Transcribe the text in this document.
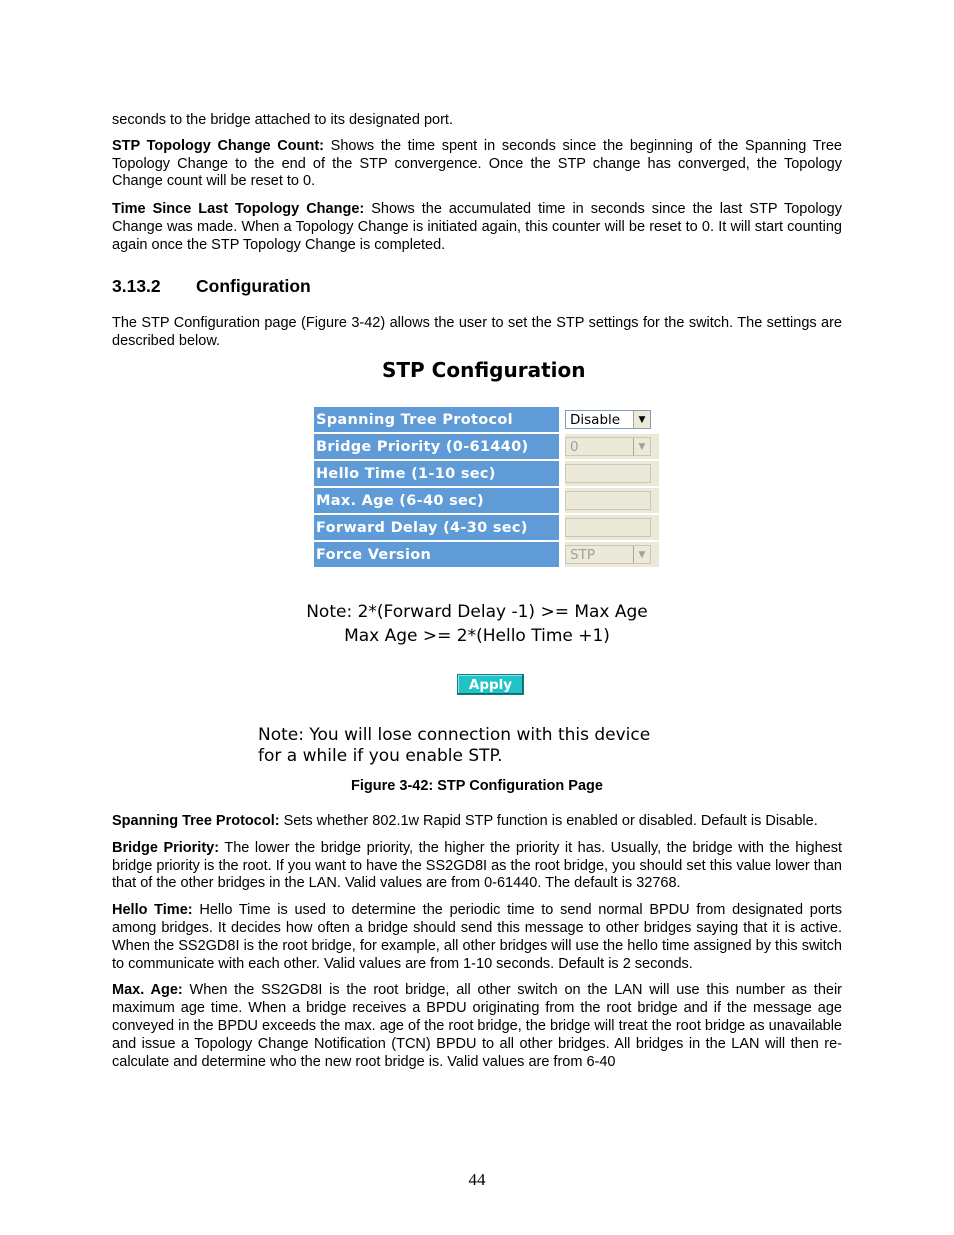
seconds to the bridge attached to its designated port.

STP Topology Change Count: Shows the time spent in seconds since the beginning of the Spanning Tree Topology Change to the end of the STP convergence. Once the STP change has converged, the Topology Change count will be reset to 0.

Time Since Last Topology Change: Shows the accumulated time in seconds since the last STP Topology Change was made. When a Topology Change is initiated again, this counter will be reset to 0. It will start counting again once the STP Topology Change is completed.

3.13.2 Configuration

The STP Configuration page (Figure 3-42) allows the user to set the STP settings for the switch. The settings are described below.

STP Configuration
Spanning Tree Protocol	Disable ▼

Bridge Priority (0-61440)	0 ▼

Hello Time (1-10 sec)	

Max. Age (6-40 sec)	

Forward Delay (4-30 sec)	

Force Version	STP ▼
Note: 2*(Forward Delay -1) >= Max Age
Max Age >= 2*(Hello Time +1)
Apply
Note: You will lose connection with this device
for a while if you enable STP.
Figure 3-42: STP Configuration Page

Spanning Tree Protocol: Sets whether 802.1w Rapid STP function is enabled or disabled. Default is Disable.

Bridge Priority: The lower the bridge priority, the higher the priority it has. Usually, the bridge with the highest bridge priority is the root. If you want to have the SS2GD8I as the root bridge, you should set this value lower than that of the other bridges in the LAN. Valid values are from 0-61440. The default is 32768.

Hello Time: Hello Time is used to determine the periodic time to send normal BPDU from designated ports among bridges. It decides how often a bridge should send this message to other bridges saying that it is active. When the SS2GD8I is the root bridge, for example, all other bridges will use the hello time assigned by this switch to communicate with each other. Valid values are from 1-10 seconds. Default is 2 seconds.

Max. Age: When the SS2GD8I is the root bridge, all other switch on the LAN will use this number as their maximum age time. When a bridge receives a BPDU originating from the root bridge and if the message age conveyed in the BPDU exceeds the max. age of the root bridge, the bridge will treat the root bridge as unavailable and issue a Topology Change Notification (TCN) BPDU to all other bridges. All bridges in the LAN will then re-calculate and determine who the new root bridge is. Valid values are from 6-40

44
